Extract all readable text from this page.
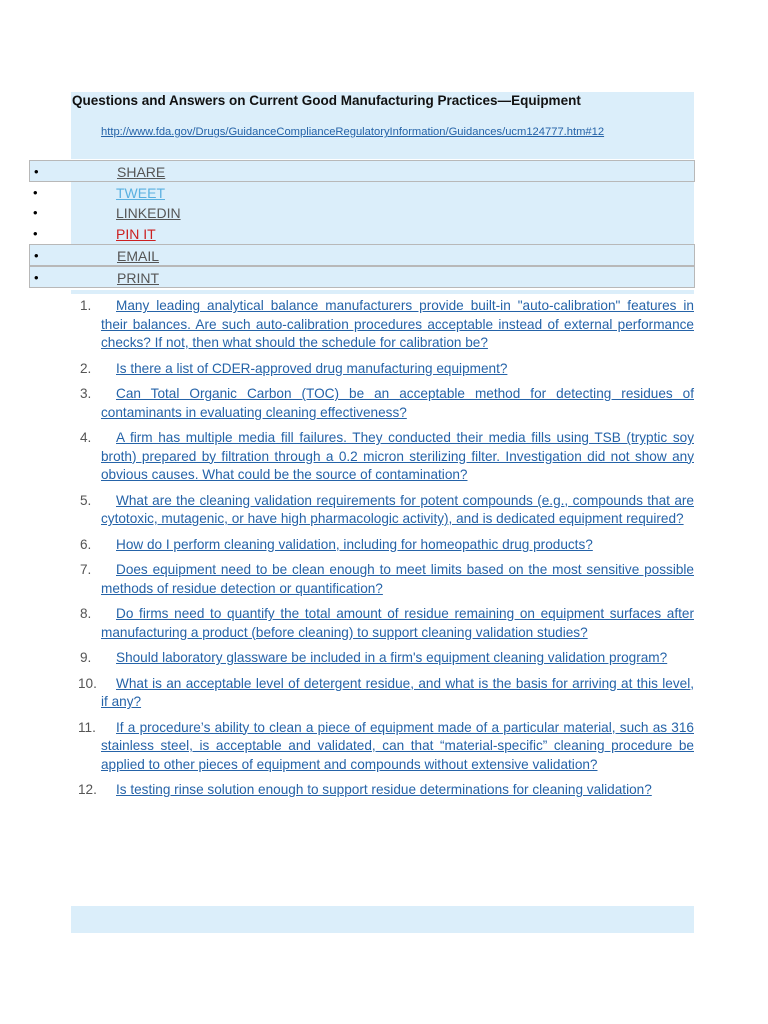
Questions and Answers on Current Good Manufacturing Practices—Equipment
http://www.fda.gov/Drugs/GuidanceComplianceRegulatoryInformation/Guidances/ucm124777.htm#12
•	SHARE
•	TWEET
•	LINKEDIN
•	PIN IT
•	EMAIL
•	PRINT
1. Many leading analytical balance manufacturers provide built-in "auto-calibration" features in their balances. Are such auto-calibration procedures acceptable instead of external performance checks? If not, then what should the schedule for calibration be?
2. Is there a list of CDER-approved drug manufacturing equipment?
3. Can Total Organic Carbon (TOC) be an acceptable method for detecting residues of contaminants in evaluating cleaning effectiveness?
4. A firm has multiple media fill failures. They conducted their media fills using TSB (tryptic soy broth) prepared by filtration through a 0.2 micron sterilizing filter. Investigation did not show any obvious causes. What could be the source of contamination?
5. What are the cleaning validation requirements for potent compounds (e.g., compounds that are cytotoxic, mutagenic, or have high pharmacologic activity), and is dedicated equipment required?
6. How do I perform cleaning validation, including for homeopathic drug products?
7. Does equipment need to be clean enough to meet limits based on the most sensitive possible methods of residue detection or quantification?
8. Do firms need to quantify the total amount of residue remaining on equipment surfaces after manufacturing a product (before cleaning) to support cleaning validation studies?
9. Should laboratory glassware be included in a firm's equipment cleaning validation program?
10. What is an acceptable level of detergent residue, and what is the basis for arriving at this level, if any?
11. If a procedure’s ability to clean a piece of equipment made of a particular material, such as 316 stainless steel, is acceptable and validated, can that “material-specific” cleaning procedure be applied to other pieces of equipment and compounds without extensive validation?
12. Is testing rinse solution enough to support residue determinations for cleaning validation?
